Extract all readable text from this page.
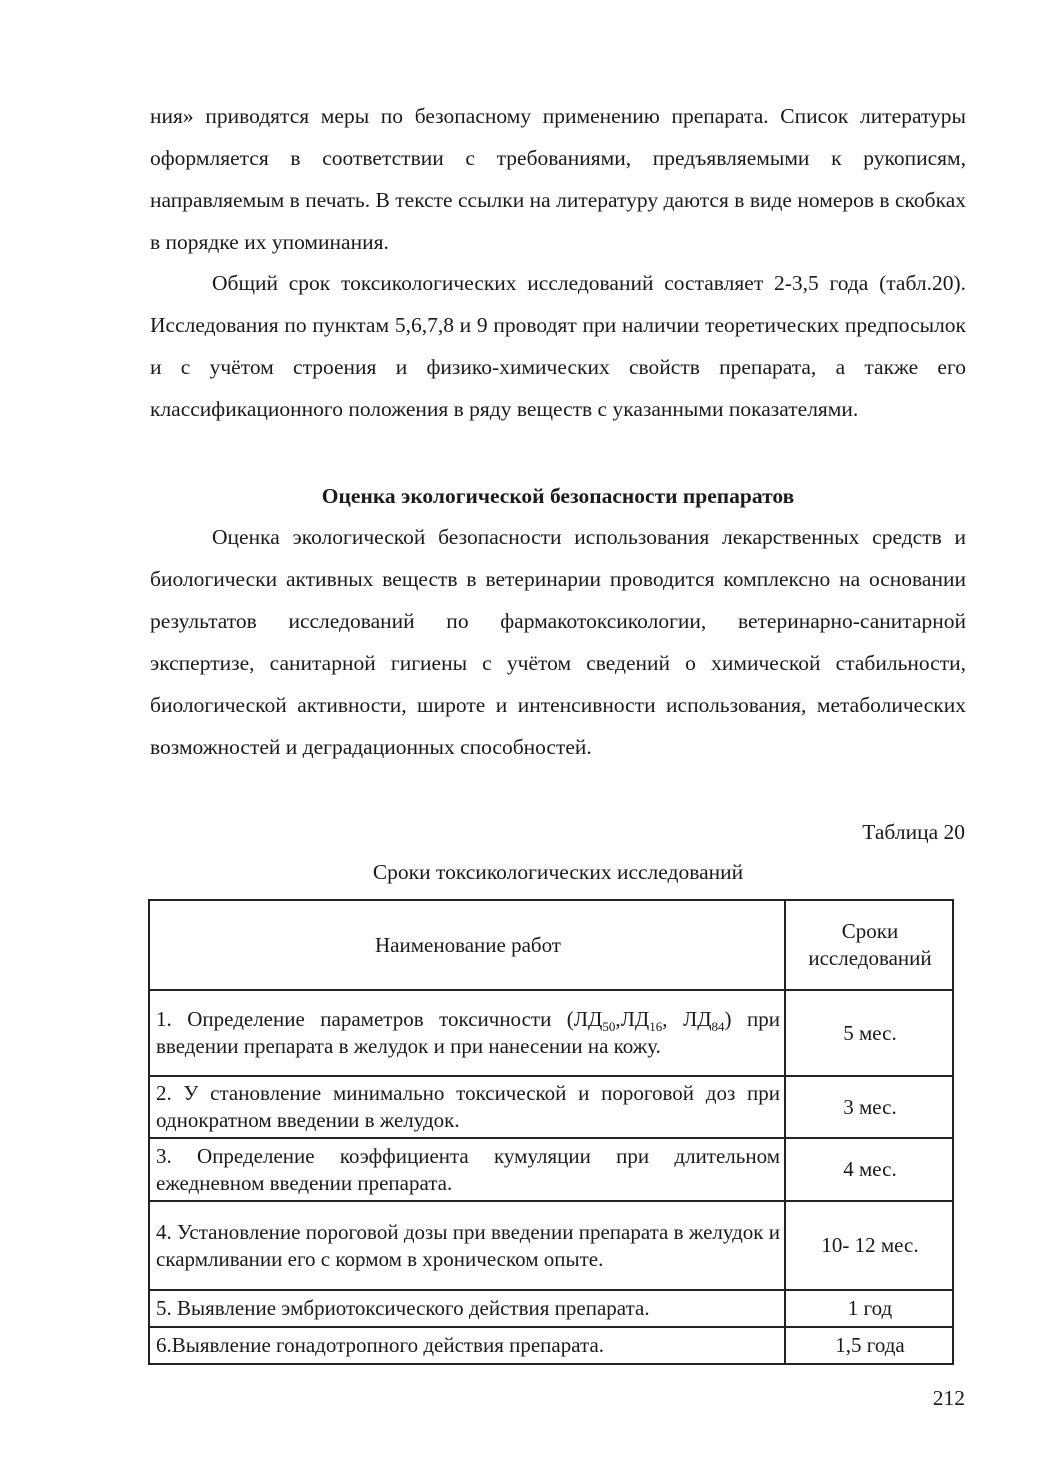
ния» приводятся меры по безопасному применению препарата. Список литературы оформляется в соответствии с требованиями, предъявляемыми к рукописям, направляемым в печать. В тексте ссылки на литературу даются в виде номеров в скобках в порядке их упоминания.

Общий срок токсикологических исследований составляет 2-3,5 года (табл.20). Исследования по пунктам 5,6,7,8 и 9 проводят при наличии теоретических предпосылок и с учётом строения и физико-химических свойств препарата, а также его классификационного положения в ряду веществ с указанными показателями.

Оценка экологической безопасности препаратов

Оценка экологической безопасности использования лекарственных средств и биологически активных веществ в ветеринарии проводится комплексно на основании результатов исследований по фармакотоксикологии, ветеринарно-санитарной экспертизе, санитарной гигиены с учётом сведений о химической стабильности, биологической активности, широте и интенсивности использования, метаболических возможностей и деградационных способностей.

Таблица 20
Сроки токсикологических исследований
Наименование работ	Сроки
исследований
1. Определение параметров токсичности ($ЛД_{50},ЛД_{16}$, $ЛД_{84}$) при введении препарата в желудок и при нанесении на кожу.	5 мес.
2. У становление минимально токсической и пороговой доз при однократном введении в желудок.	3 мес.
3. Определение коэффициента кумуляции при длительном ежедневном введении препарата.	4 мес.
4. Установление пороговой дозы при введении препарата в желудок и скармливании его с кормом в хроническом опыте.	10- 12 мес.
5. Выявление эмбриотоксического действия препарата.	1 год
6.Выявление гонадотропного действия препарата.	1,5 года
212
